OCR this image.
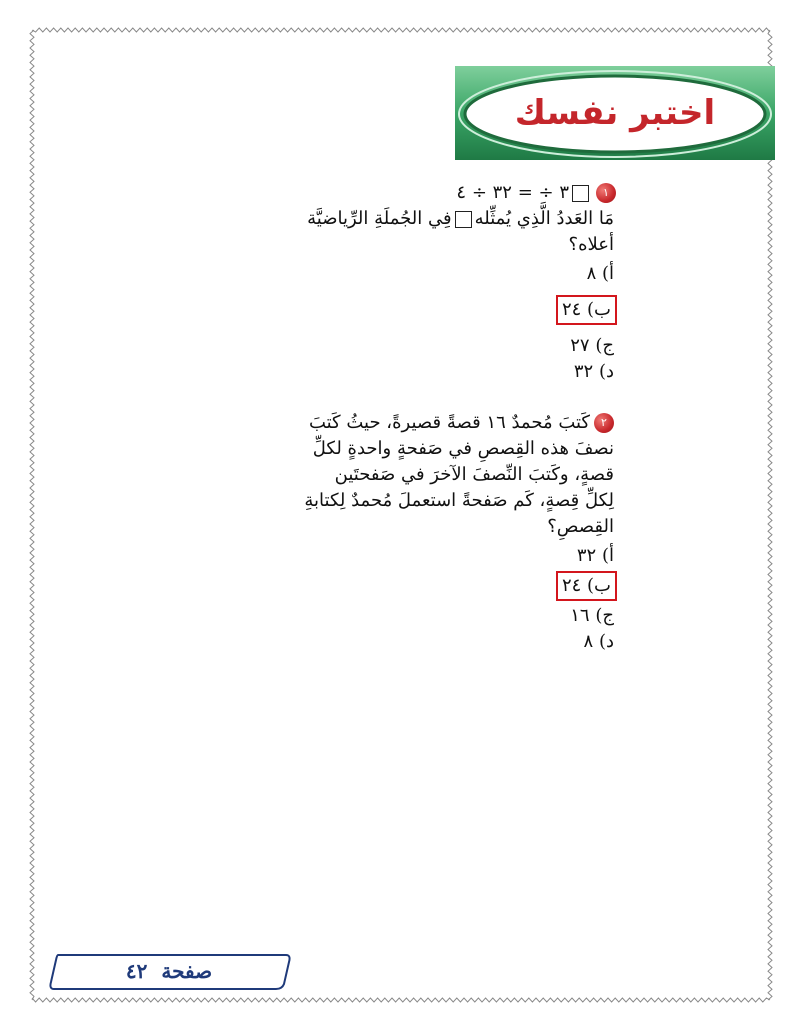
اختبر نفسك
١٣ ÷ = ٣٢ ÷ ٤
مَا العَددُ الَّذِي يُمثِّلهفِي الجُملَةِ الرِّياضيَّة
أعلاه؟
أ) ٨
ب) ٢٤
ج) ٢٧
د) ٣٢
٢كَتبَ مُحمدٌ ١٦ قصةً قصيرةً، حيثُ كَتبَ
نصفَ هذه القِصصِ في صَفحةٍ واحدةٍ لكلِّ
قصةٍ، وكَتبَ النِّصفَ الآخرَ في صَفحتَين
لِكلِّ قِصةٍ، كَم صَفحةً استعملَ مُحمدٌ لِكتابةِ
القِصصِ؟
أ) ٣٢
ب) ٢٤
ج) ١٦
د) ٨
صفحة
٤٢
